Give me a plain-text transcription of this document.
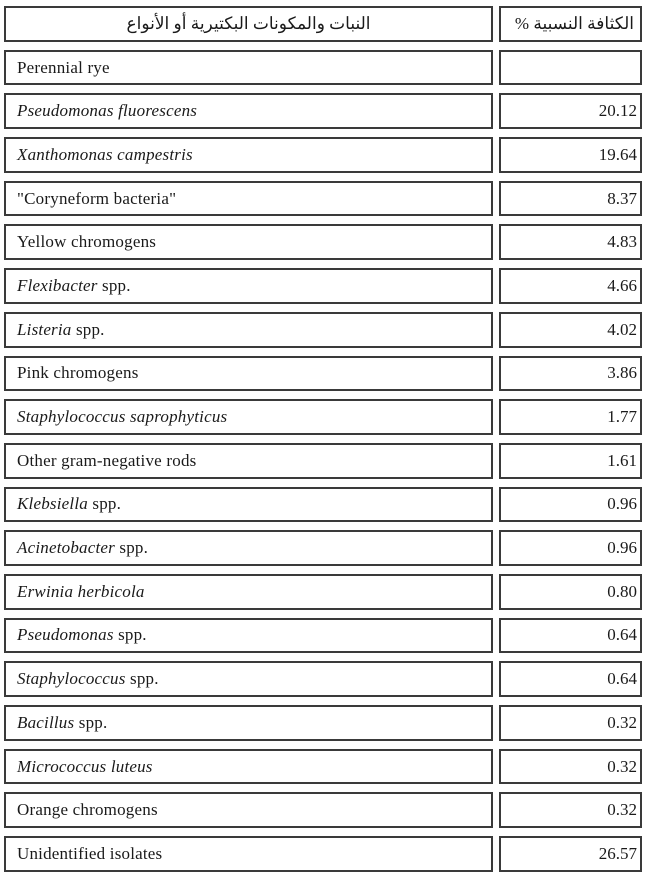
النبات والمكونات البكتيرية أو الأنواع	الكثافة النسبية %
Perennial rye
Pseudomonas fluorescens	20.12
Xanthomonas campestris	19.64
"Coryneform bacteria"	8.37
Yellow chromogens	4.83
Flexibacter spp.	4.66
Listeria spp.	4.02
Pink chromogens	3.86
Staphylococcus saprophyticus	1.77
Other gram-negative rods	1.61
Klebsiella spp.	0.96
Acinetobacter spp.	0.96
Erwinia herbicola	0.80
Pseudomonas spp.	0.64
Staphylococcus spp.	0.64
Bacillus spp.	0.32
Micrococcus luteus	0.32
Orange chromogens	0.32
Unidentified isolates	26.57
